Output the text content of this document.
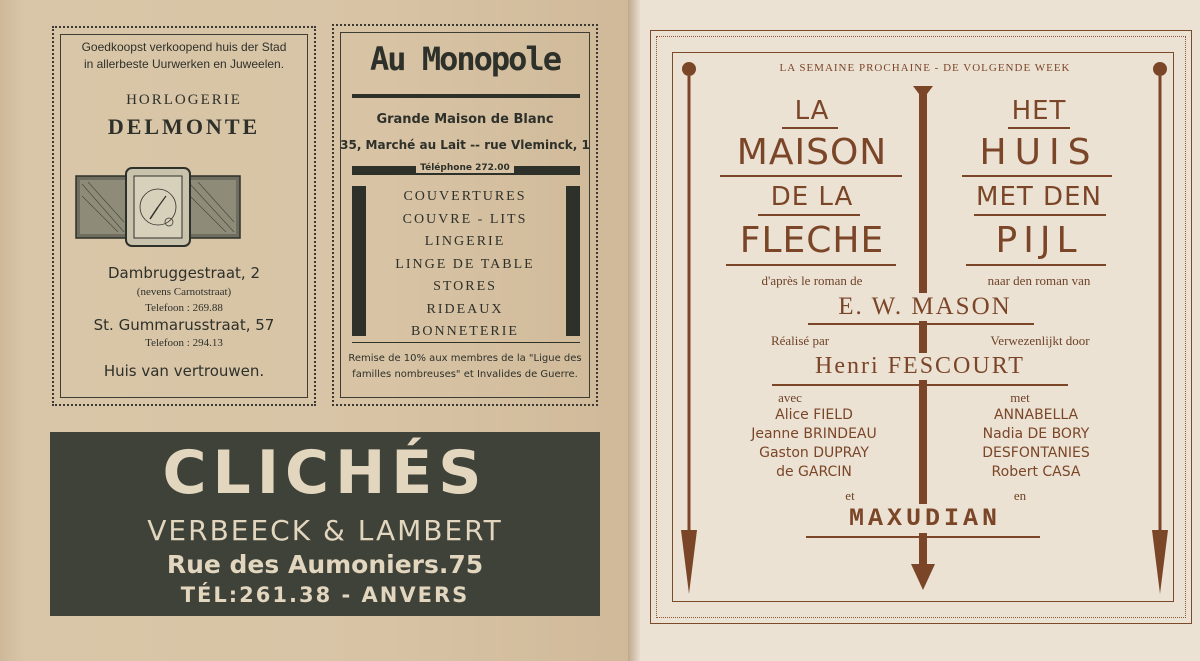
Goedkoopst verkoopend huis der Stad
in allerbeste Uurwerken en Juweelen.
HORLOGERIE
DELMONTE
Dambruggestraat, 2
(nevens Carnotstraat)
Telefoon : 269.88
St. Gummarusstraat, 57
Telefoon : 294.13
Huis van vertrouwen.
Au Monopole
Grande Maison de Blanc
35, Marché au Lait -- rue Vleminck, 1
Téléphone 272.00
COUVERTURES
COUVRE - LITS
LINGERIE
LINGE DE TABLE
STORES
RIDEAUX
BONNETERIE
Remise de 10% aux membres de la "Ligue des
familles nombreuses" et Invalides de Guerre.
CLICHÉS
VERBEECK & LAMBERT
Rue des Aumoniers.75
TÉL:261.38 - ANVERS
LA SEMAINE PROCHAINE - DE VOLGENDE WEEK
LA
MAISON
DE LA
FLECHE
HET
HUIS
MET DEN
PIJL
d'après le roman de	naar den roman van
E. W. MASON
Réalisé par	Verwezenlijkt door
Henri FESCOURT
avec	met
Alice FIELD
Jeanne BRINDEAU
Gaston DUPRAY
de GARCIN
ANNABELLA
Nadia DE BORY
DESFONTANIES
Robert CASA
et	en
MAXUDIAN
